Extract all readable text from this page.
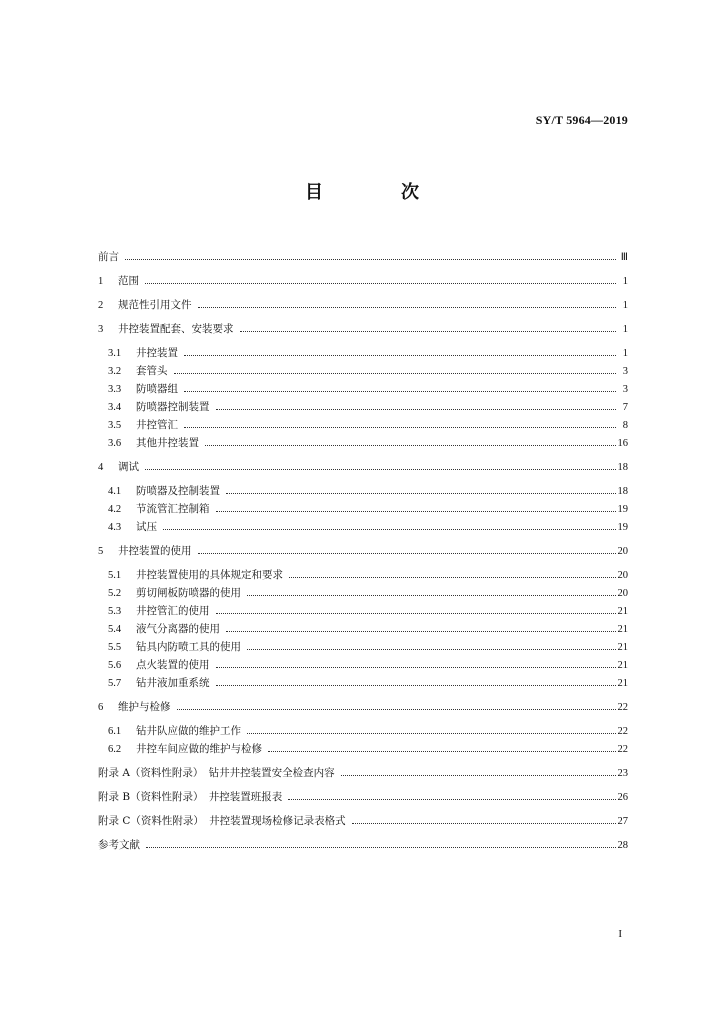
SY/T 5964—2019
目　次
前言	Ⅲ
1	范围	1
2	规范性引用文件	1
3	井控装置配套、安装要求	1
3.1	井控装置	1
3.2	套管头	3
3.3	防喷器组	3
3.4	防喷器控制装置	7
3.5	井控管汇	8
3.6	其他井控装置	16
4	调试	18
4.1	防喷器及控制装置	18
4.2	节流管汇控制箱	19
4.3	试压	19
5	井控装置的使用	20
5.1	井控装置使用的具体规定和要求	20
5.2	剪切闸板防喷器的使用	20
5.3	井控管汇的使用	21
5.4	液气分离器的使用	21
5.5	钻具内防喷工具的使用	21
5.6	点火装置的使用	21
5.7	钻井液加重系统	21
6	维护与检修	22
6.1	钻井队应做的维护工作	22
6.2	井控车间应做的维护与检修	22
附录 A（资料性附录）　钻井井控装置安全检查内容	23
附录 B（资料性附录）　井控装置班报表	26
附录 C（资料性附录）　井控装置现场检修记录表格式	27
参考文献	28
I
